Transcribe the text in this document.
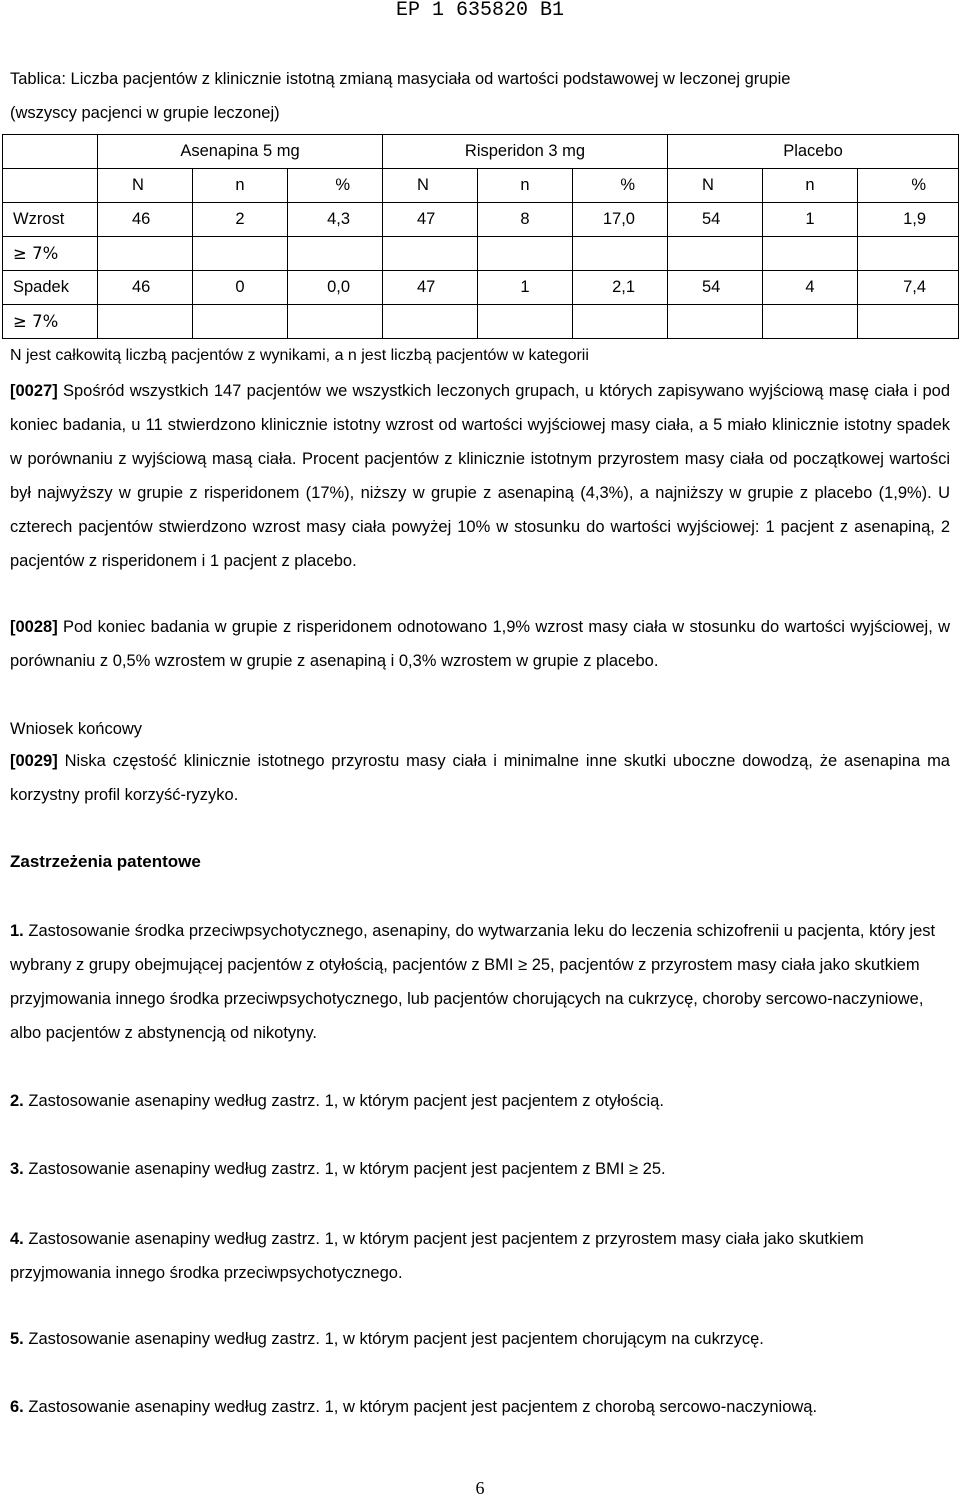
EP 1 635820 B1
Tablica: Liczba pacjentów z klinicznie istotną zmianą masyciała od wartości podstawowej w leczonej grupie
(wszyscy pacjenci w grupie leczonej)
	Asenapina 5 mg			Risperidon 3 mg			Placebo		
	N	n	%	N	n	%	N	n	%
Wzrost	46	2	4,3	47	8	17,0	54	1	1,9
≥ 7%									
Spadek	46	0	0,0	47	1	2,1	54	4	7,4
≥ 7%									
N jest całkowitą liczbą pacjentów z wynikami, a n jest liczbą pacjentów w kategorii
[0027] Spośród wszystkich 147 pacjentów we wszystkich leczonych grupach, u których zapisywano wyjściową masę ciała i pod koniec badania, u 11 stwierdzono klinicznie istotny wzrost od wartości wyjściowej masy ciała, a 5 miało klinicznie istotny spadek w porównaniu z wyjściową masą ciała. Procent pacjentów z klinicznie istotnym przyrostem masy ciała od początkowej wartości był najwyższy w grupie z risperidonem (17%), niższy w grupie z asenapiną (4,3%), a najniższy w grupie z placebo (1,9%). U czterech pacjentów stwierdzono wzrost masy ciała powyżej 10% w stosunku do wartości wyjściowej: 1 pacjent z asenapiną, 2 pacjentów z risperidonem i 1 pacjent z placebo.
[0028] Pod koniec badania w grupie z risperidonem odnotowano 1,9% wzrost masy ciała w stosunku do wartości wyjściowej, w porównaniu z 0,5% wzrostem w grupie z asenapiną i 0,3% wzrostem w grupie z placebo.
Wniosek końcowy
[0029] Niska częstość klinicznie istotnego przyrostu masy ciała i minimalne inne skutki uboczne dowodzą, że asenapina ma korzystny profil korzyść-ryzyko.
Zastrzeżenia patentowe
1. Zastosowanie środka przeciwpsychotycznego, asenapiny, do wytwarzania leku do leczenia schizofrenii u pacjenta, który jest wybrany z grupy obejmującej pacjentów z otyłością, pacjentów z BMI ≥ 25, pacjentów z przyrostem masy ciała jako skutkiem przyjmowania innego środka przeciwpsychotycznego, lub pacjentów chorujących na cukrzycę, choroby sercowo-naczyniowe, albo pacjentów z abstynencją od nikotyny.
2. Zastosowanie asenapiny według zastrz. 1, w którym pacjent jest pacjentem z otyłością.
3. Zastosowanie asenapiny według zastrz. 1, w którym pacjent jest pacjentem z BMI ≥ 25.
4. Zastosowanie asenapiny według zastrz. 1, w którym pacjent jest pacjentem z przyrostem masy ciała jako skutkiem przyjmowania innego środka przeciwpsychotycznego.
5. Zastosowanie asenapiny według zastrz. 1, w którym pacjent jest pacjentem chorującym na cukrzycę.
6. Zastosowanie asenapiny według zastrz. 1, w którym pacjent jest pacjentem z chorobą sercowo-naczyniową.
6
